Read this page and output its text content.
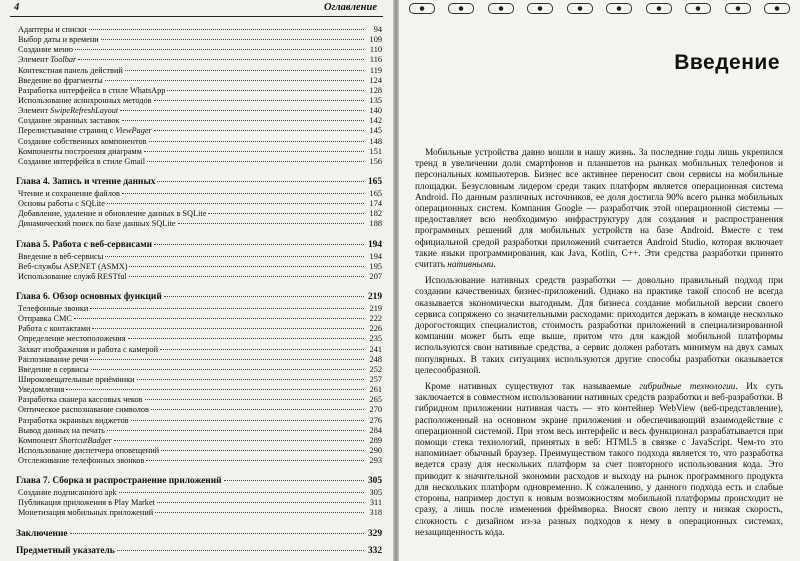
4	Оглавление
Адаптеры и списки	94
Выбор даты и времени	109
Создание меню	110
Элемент Toolbar	116
Контекстная панель действий	119
Введение во фрагменты	124
Разработка интерфейса в стиле WhatsApp	128
Использование асинхронных методов	135
Элемент SwipeRefreshLayout	140
Создание экранных заставок	142
Перелистывание страниц с ViewPager	145
Создание собственных компонентов	148
Компоненты построения диаграмм	151
Создание интерфейса в стиле Gmail	156
Глава 4. Запись и чтение данных	165
Чтение и сохранение файлов	165
Основы работы с SQLite	174
Добавление, удаление и обновление данных в SQLite	182
Динамический поиск по базе данных SQLite	188
Глава 5. Работа с веб-сервисами	194
Введение в веб-сервисы	194
Веб-службы ASP.NET (ASMX)	195
Использование служб RESTful	207
Глава 6. Обзор основных функций	219
Телефонные звонки	219
Отправка СМС	222
Работа с контактами	226
Определение местоположения	235
Захват изображения и работа с камерой	241
Распознавание речи	248
Введение в сервисы	252
Широковещательные приёмники	257
Уведомления	261
Разработка сканера кассовых чеков	265
Оптическое распознавание символов	270
Разработка экранных виджетов	276
Вывод данных на печать	284
Компонент ShortcutBadger	289
Использование диспетчера оповещений	290
Отслеживание телефонных звонков	293
Глава 7. Сборка и распространение приложений	305
Создание подписанного apk	305
Публикация приложения в Play Market	311
Монетизация мобильных приложений	318
Заключение	329
Предметный указатель	332
Введение

Мобильные устройства давно вошли в нашу жизнь. За последние годы лишь укрепился тренд в увеличении доли смартфонов и планшетов на рынках мобильных телефонов и персональных компьютеров. Бизнес все активнее переносит свои сервисы на мобильные площадки. Безусловным лидером среди таких платформ является операционная система Android. По данным различных источников, ее доля достигла 90% всего рынка мобильных операционных систем. Компания Google — разработчик этой операционной системы — предоставляет всю необходимую инфраструктуру для создания и распространения программных решений для мобильных устройств на базе Android. Вместе с тем официальной средой разработки приложений считается Android Studio, которая включает такие языки программирования, как Java, Kotlin, C++. Эти средства разработки принято считать нативными.

Использование нативных средств разработки — довольно правильный подход при создании качественных бизнес-приложений. Однако на практике такой способ не всегда оказывается экономически выгодным. Для бизнеса создание мобильной версии своего сервиса сопряжено со значительными расходами: приходится держать в команде несколько дорогостоящих специалистов, стоимость разработки приложений в специализированной компании может быть еще выше, притом что для каждой мобильной платформы используются свои нативные средства, а сервис должен работать минимум на двух самых популярных. В таких ситуациях используются другие способы разработки оказывается целесообразной.

Кроме нативных существуют так называемые гибридные технологии. Их суть заключается в совместном использовании нативных средств разработки и веб-разработки. В гибридном приложении нативная часть — это контейнер WebView (веб-представление), расположенный на основном экране приложения и обеспечивающий взаимодействие с операционной системой. При этом весь интерфейс и весь функционал разрабатывается при помощи стека технологий, принятых в веб: HTML5 в связке с JavaScript. Чем-то это напоминает обычный браузер. Преимуществом такого подхода является то, что разработка ведется сразу для нескольких платформ за счет повторного использования кода. Это приводит к значительной экономии расходов и выходу на рынок программного продукта для нескольких платформ одновременно. К сожалению, у данного подхода есть и слабые стороны, например доступ к новым возможностям мобильной платформы происходит не сразу, а лишь после изменения фреймворка. Вносят свою лепту и низкая скорость, сложность с дизайном из-за разных подходов к нему в операционных системах, незащищенность кода.
